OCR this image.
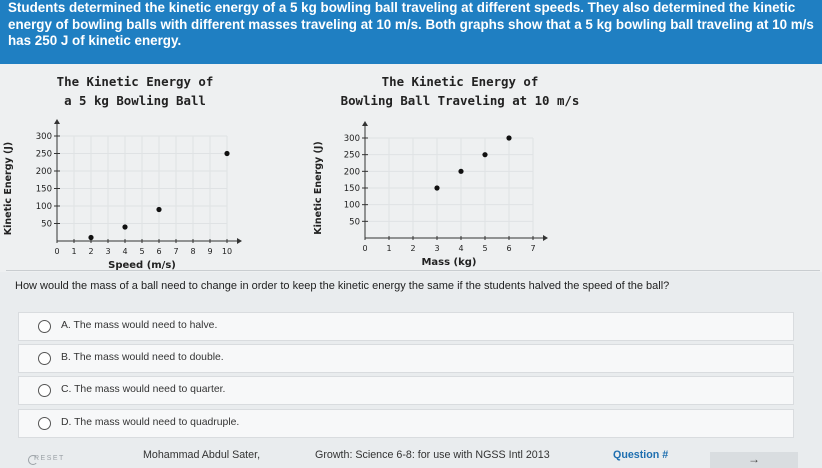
Students determined the kinetic energy of a 5 kg bowling ball traveling at different speeds. They also determined the kinetic
energy of bowling balls with different masses traveling at 10 m/s. Both graphs show that a 5 kg bowling ball traveling at 10 m/s
has 250 J of kinetic energy.
The Kinetic Energy of
a 5 kg Bowling Ball
The Kinetic Energy of
Bowling Ball Traveling at 10 m/s
0 1 2 3 4 5 6 7 8 9 10
50
100
150
200
250
300
Speed (m/s)
Kinetic Energy (J)
0 1 2 3 4 5 6 7
50
100
150
200
250
300
Mass (kg)
Kinetic Energy (J)
How would the mass of a ball need to change in order to keep the kinetic energy the same if the students halved the speed of the ball?
A. The mass would need to halve.
B. The mass would need to double.
C. The mass would need to quarter.
D. The mass would need to quadruple.
RESET	Mohammad Abdul Sater,	Growth: Science 6-8: for use with NGSS Intl 2013	Question #	→
